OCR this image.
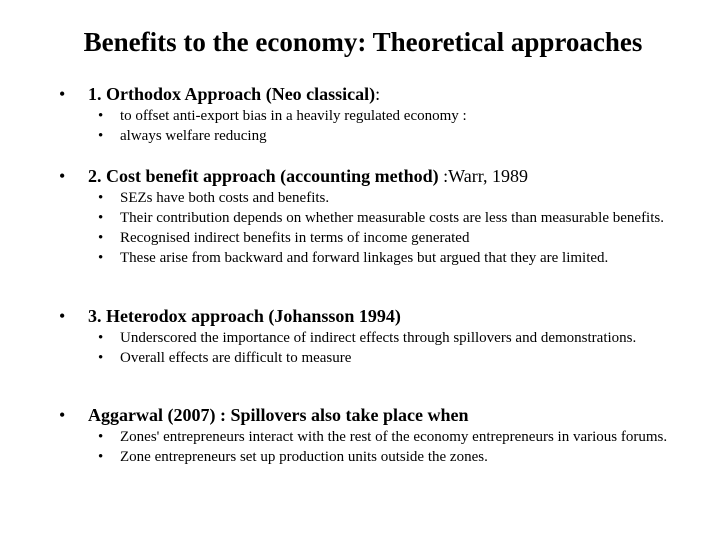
Benefits to the economy: Theoretical approaches
• 1. Orthodox Approach (Neo classical):
• to offset anti-export bias in a heavily regulated economy :
• always welfare reducing
• 2. Cost benefit approach (accounting method) :Warr, 1989
• SEZs have both costs and benefits.
• Their contribution depends on whether measurable costs are less than measurable benefits.
• Recognised indirect benefits in terms of income generated
• These arise from backward and forward linkages but argued that they are limited.
• 3. Heterodox approach (Johansson 1994)
• Underscored the importance of indirect effects through spillovers and demonstrations.
• Overall effects are difficult to measure
• Aggarwal (2007) : Spillovers also take place when
• Zones' entrepreneurs interact with the rest of the economy entrepreneurs in various forums.
• Zone entrepreneurs set up production units outside the zones.
